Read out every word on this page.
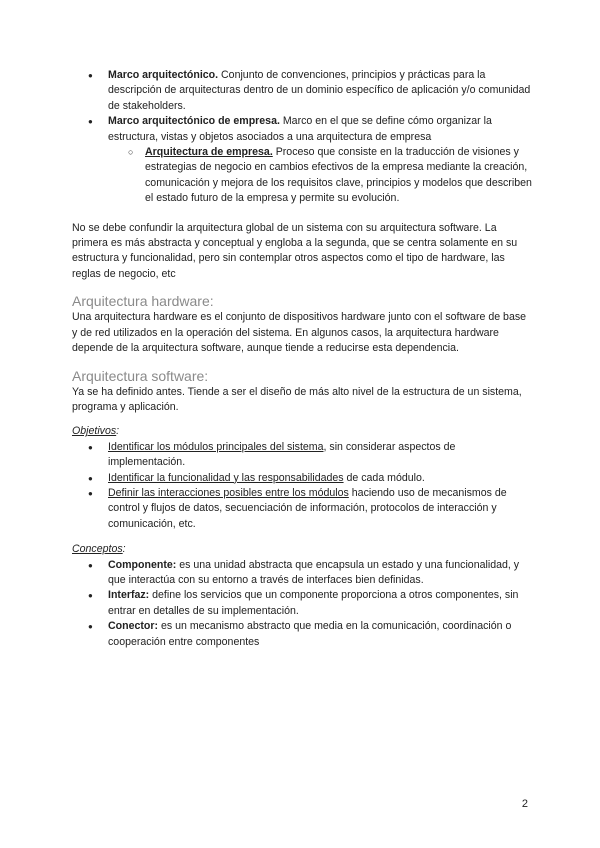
● Marco arquitectónico. Conjunto de convenciones, principios y prácticas para la descripción de arquitecturas dentro de un dominio específico de aplicación y/o comunidad de stakeholders.
● Marco arquitectónico de empresa. Marco en el que se define cómo organizar la estructura, vistas y objetos asociados a una arquitectura de empresa
○ Arquitectura de empresa. Proceso que consiste en la traducción de visiones y estrategias de negocio en cambios efectivos de la empresa mediante la creación, comunicación y mejora de los requisitos clave, principios y modelos que describen el estado futuro de la empresa y permite su evolución.

No se debe confundir la arquitectura global de un sistema con su arquitectura software. La primera es más abstracta y conceptual y engloba a la segunda, que se centra solamente en su estructura y funcionalidad, pero sin contemplar otros aspectos como el tipo de hardware, las reglas de negocio, etc

Arquitectura hardware:

Una arquitectura hardware es el conjunto de dispositivos hardware junto con el software de base y de red utilizados en la operación del sistema. En algunos casos, la arquitectura hardware depende de la arquitectura software, aunque tiende a reducirse esta dependencia.

Arquitectura software:

Ya se ha definido antes. Tiende a ser el diseño de más alto nivel de la estructura de un sistema, programa y aplicación.

Objetivos:

● Identificar los módulos principales del sistema, sin considerar aspectos de implementación.
● Identificar la funcionalidad y las responsabilidades de cada módulo.
● Definir las interacciones posibles entre los módulos haciendo uso de mecanismos de control y flujos de datos, secuenciación de información, protocolos de interacción y comunicación, etc.

Conceptos:

● Componente: es una unidad abstracta que encapsula un estado y una funcionalidad, y que interactúa con su entorno a través de interfaces bien definidas.
● Interfaz: define los servicios que un componente proporciona a otros componentes, sin entrar en detalles de su implementación.
● Conector: es un mecanismo abstracto que media en la comunicación, coordinación o cooperación entre componentes
2
